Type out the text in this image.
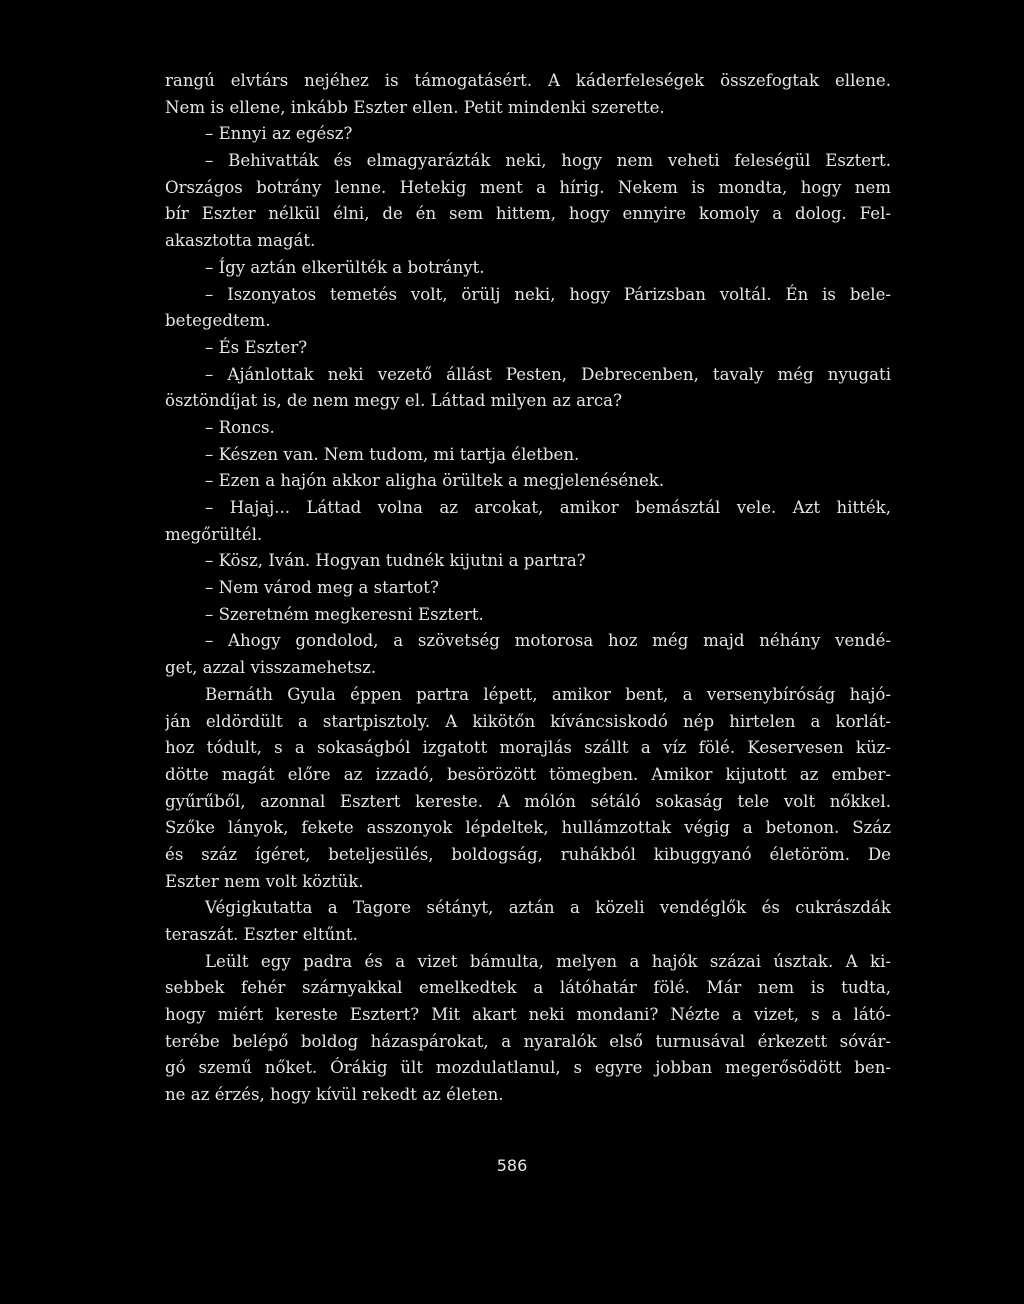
rangú elvtárs nejéhez is támogatásért. A káderfeleségek összefogtak ellene.
Nem is ellene, inkább Eszter ellen. Petit mindenki szerette.
– Ennyi az egész?
– Behivatták és elmagyarázták neki, hogy nem veheti feleségül Esztert.
Országos botrány lenne. Hetekig ment a hírig. Nekem is mondta, hogy nem
bír Eszter nélkül élni, de én sem hittem, hogy ennyire komoly a dolog. Fel-
akasztotta magát.
– Így aztán elkerülték a botrányt.
– Iszonyatos temetés volt, örülj neki, hogy Párizsban voltál. Én is bele-
betegedtem.
– És Eszter?
– Ajánlottak neki vezető állást Pesten, Debrecenben, tavaly még nyugati
ösztöndíjat is, de nem megy el. Láttad milyen az arca?
– Roncs.
– Készen van. Nem tudom, mi tartja életben.
– Ezen a hajón akkor aligha örültek a megjelenésének.
– Hajaj... Láttad volna az arcokat, amikor bemásztál vele. Azt hitték,
megőrültél.
– Kösz, Iván. Hogyan tudnék kijutni a partra?
– Nem várod meg a startot?
– Szeretném megkeresni Esztert.
– Ahogy gondolod, a szövetség motorosa hoz még majd néhány vendé-
get, azzal visszamehetsz.
Bernáth Gyula éppen partra lépett, amikor bent, a versenybíróság hajó-
ján eldördült a startpisztoly. A kikötőn kíváncsiskodó nép hirtelen a korlát-
hoz tódult, s a sokaságból izgatott morajlás szállt a víz fölé. Keservesen küz-
dötte magát előre az izzadó, besörözött tömegben. Amikor kijutott az ember-
gyűrűből, azonnal Esztert kereste. A mólón sétáló sokaság tele volt nőkkel.
Szőke lányok, fekete asszonyok lépdeltek, hullámzottak végig a betonon. Száz
és száz ígéret, beteljesülés, boldogság, ruhákból kibuggyanó életöröm. De
Eszter nem volt köztük.
Végigkutatta a Tagore sétányt, aztán a közeli vendéglők és cukrászdák
teraszát. Eszter eltűnt.
Leült egy padra és a vizet bámulta, melyen a hajók százai úsztak. A ki-
sebbek fehér szárnyakkal emelkedtek a látóhatár fölé. Már nem is tudta,
hogy miért kereste Esztert? Mit akart neki mondani? Nézte a vizet, s a látó-
terébe belépő boldog házaspárokat, a nyaralók első turnusával érkezett sóvár-
gó szemű nőket. Órákig ült mozdulatlanul, s egyre jobban megerősödött ben-
ne az érzés, hogy kívül rekedt az életen.
586
